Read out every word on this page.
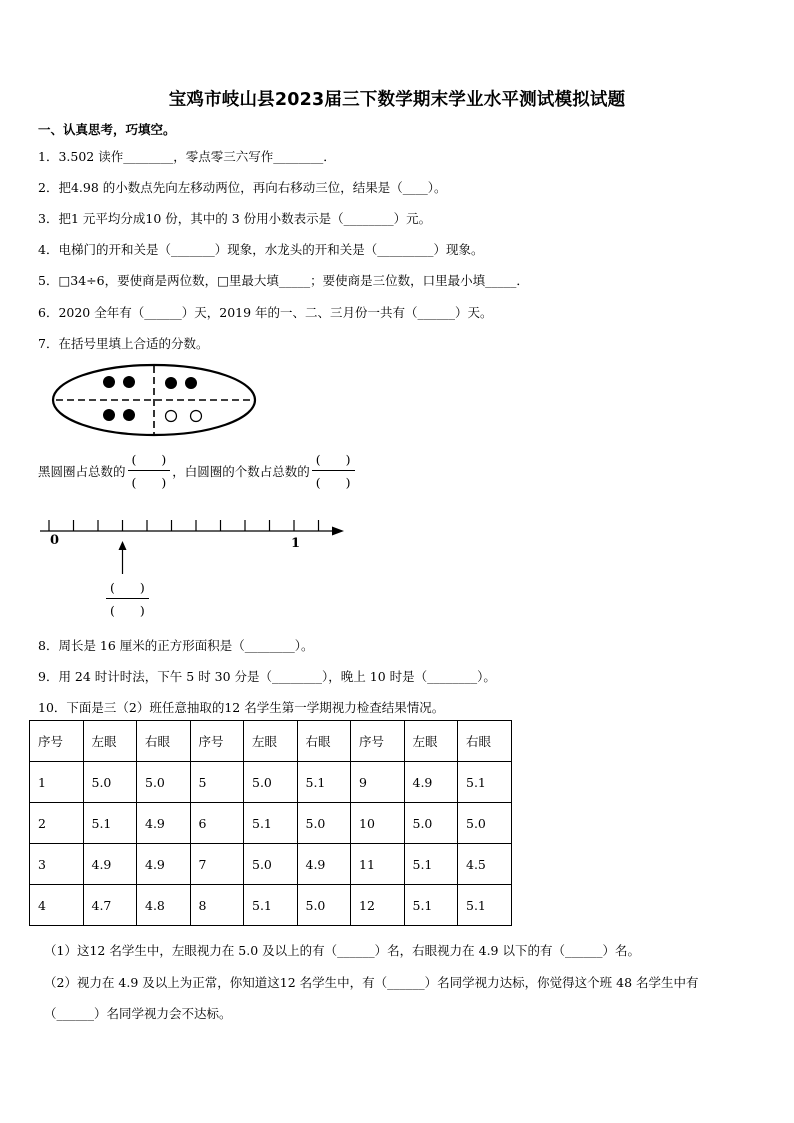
宝鸡市岐山县2023届三下数学期末学业水平测试模拟试题
一、认真思考，巧填空。
1．3.502 读作________，零点零三六写作________．
2．把4.98 的小数点先向左移动两位，再向右移动三位，结果是（____）。
3．把1 元平均分成10 份，其中的 3 份用小数表示是（________）元。
4．电梯门的开和关是（_______）现象，水龙头的开和关是（_________）现象。
5．□34÷6，要使商是两位数，□里最大填_____；要使商是三位数，口里最小填_____．
6．2020 全年有（______）天，2019 年的一、二、三月份一共有（______）天。
7．在括号里填上合适的分数。
黑圆圈占总数的 $\frac{( )}{( )}$ ，白圆圈的个数占总数的 $\frac{( )}{( )}$
0	1
$\frac{( )}{( )}$
8．周长是 16 厘米的正方形面积是（________）。
9．用 24 时计时法，下午 5 时 30 分是（________），晚上 10 时是（________）。
10．下面是三（2）班任意抽取的12 名学生第一学期视力检查结果情况。
序号	左眼	右眼	序号	左眼	右眼	序号	左眼	右眼
1	5.0	5.0	5	5.0	5.1	9	4.9	5.1
2	5.1	4.9	6	5.1	5.0	10	5.0	5.0
3	4.9	4.9	7	5.0	4.9	11	5.1	4.5
4	4.7	4.8	8	5.1	5.0	12	5.1	5.1
（1）这12 名学生中，左眼视力在 5.0 及以上的有（______）名，右眼视力在 4.9 以下的有（______）名。
（2）视力在 4.9 及以上为正常，你知道这12 名学生中，有（______）名同学视力达标，你觉得这个班 48 名学生中有
（______）名同学视力会不达标。
